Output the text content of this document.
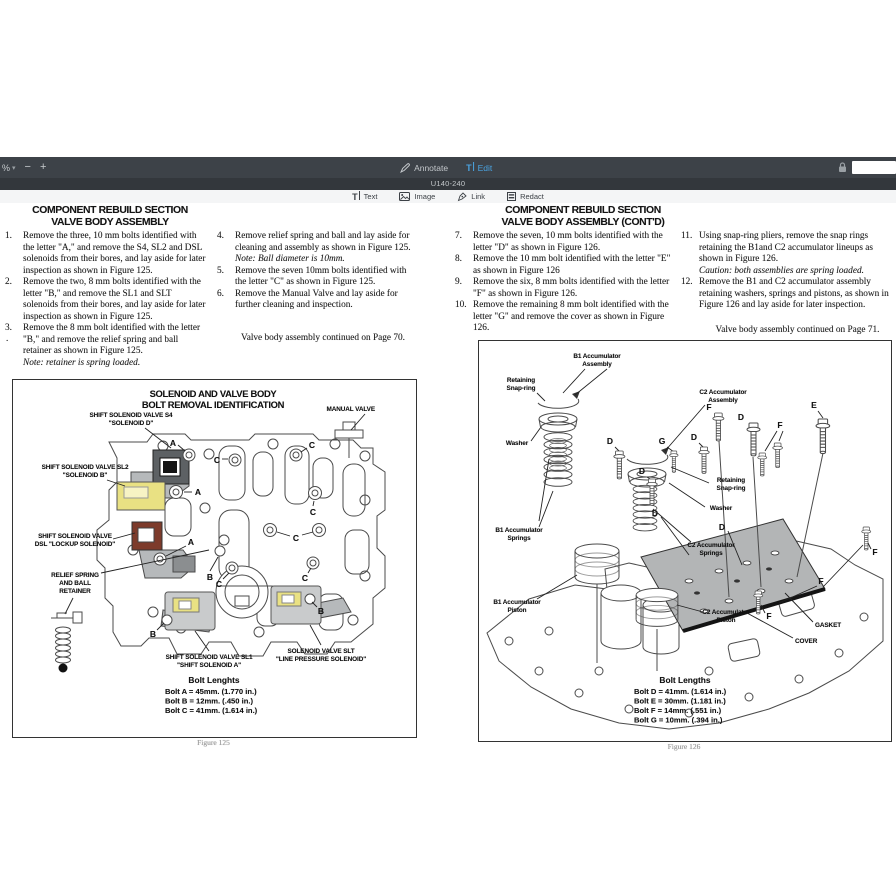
% ▾ − +	Annotate T Edit
U140-240
T Text	Image	Link	Redact
COMPONENT REBUILD SECTION
VALVE BODY ASSEMBLY
1.	Remove the three, 10 mm bolts identified with the letter "A," and remove the S4, SL2 and DSL solenoids from their bores, and lay aside for later inspection as shown in Figure 125.
2.	Remove the two, 8 mm bolts identified with the letter "B," and remove the SL1 and SLT solenoids from their bores, and lay aside for later inspection as shown in Figure 125.
3.	Remove the 8 mm bolt identified with the letter "B," and remove the relief spring and ball retainer as shown in Figure 125.
Note: retainer is spring loaded.
.
4.	Remove relief spring and ball and lay aside for cleaning and assembly as shown in Figure 125.
Note: Ball diameter is 10mm.
5.	Remove the seven 10mm bolts identified with the letter "C" as shown in Figure 125.
6.	Remove the Manual Valve and lay aside for further cleaning and inspection.
Valve body assembly continued on Page 70.
SOLENOID AND VALVE BODY
BOLT REMOVAL IDENTIFICATION
A
C
A
A
B
C
C
C
C
C
B
B
SHIFT SOLENOID VALVE S4
"SOLENOID D"
SHIFT SOLENOID VALVE SL2
"SOLENOID B"
SHIFT SOLENOID VALVE
DSL "LOCKUP SOLENOID"
MANUAL VALVE
RELIEF SPRING
AND BALL
RETAINER
SHIFT SOLENOID VALVE SL1
"SHIFT SOLENOID A"
SOLENOID VALVE SLT
"LINE PRESSURE SOLENOID"
Bolt Lenghts
Bolt A = 45mm. (1.770 in.)
Bolt B = 12mm. (.450 in.)
Bolt C = 41mm. (1.614 in.)
Figure 125
COMPONENT REBUILD SECTION
VALVE BODY ASSEMBLY (CONT'D)
7.	Remove the seven, 10 mm bolts identified with the letter "D" as shown in Figure 126.
8.	Remove the 10 mm bolt identified with the letter "E" as shown in Figure 126
9.	Remove the six, 8 mm bolts identified with the letter "F" as shown in Figure 126.
10. Remove the remaining 8 mm bolt identified with the letter "G" and remove the cover as shown in Figure 126.
11. Using snap-ring pliers, remove the snap rings retaining the B1and C2 accumulator lineups as shown in Figure 126.
Caution: both assemblies are spring loaded.
12. Remove the B1 and C2 accumulator assembly retaining washers, springs and pistons, as shown in Figure 126 and lay aside for later inspection.
Valve body assembly continued on Page 71.
F
D
F
E
G	D
D
D
D
D
F
F
F
B1 Accumulator
Assembly
Retaining
Snap-ring
Washer
C2 Accumulator
Assembly
Retaining
Snap-ring
Washer
B1 Accumulator
Springs
C2 Accumulator
Springs
B1 Accumulator
Piston	C2 Accumulator
Piston
GASKET
COVER
Bolt Lengths
Bolt D = 41mm. (1.614 in.)
Bolt E = 30mm. (1.181 in.)
Bolt F = 14mm. (.551 in.)
Bolt G = 10mm. (.394 in.)
Figure 126
